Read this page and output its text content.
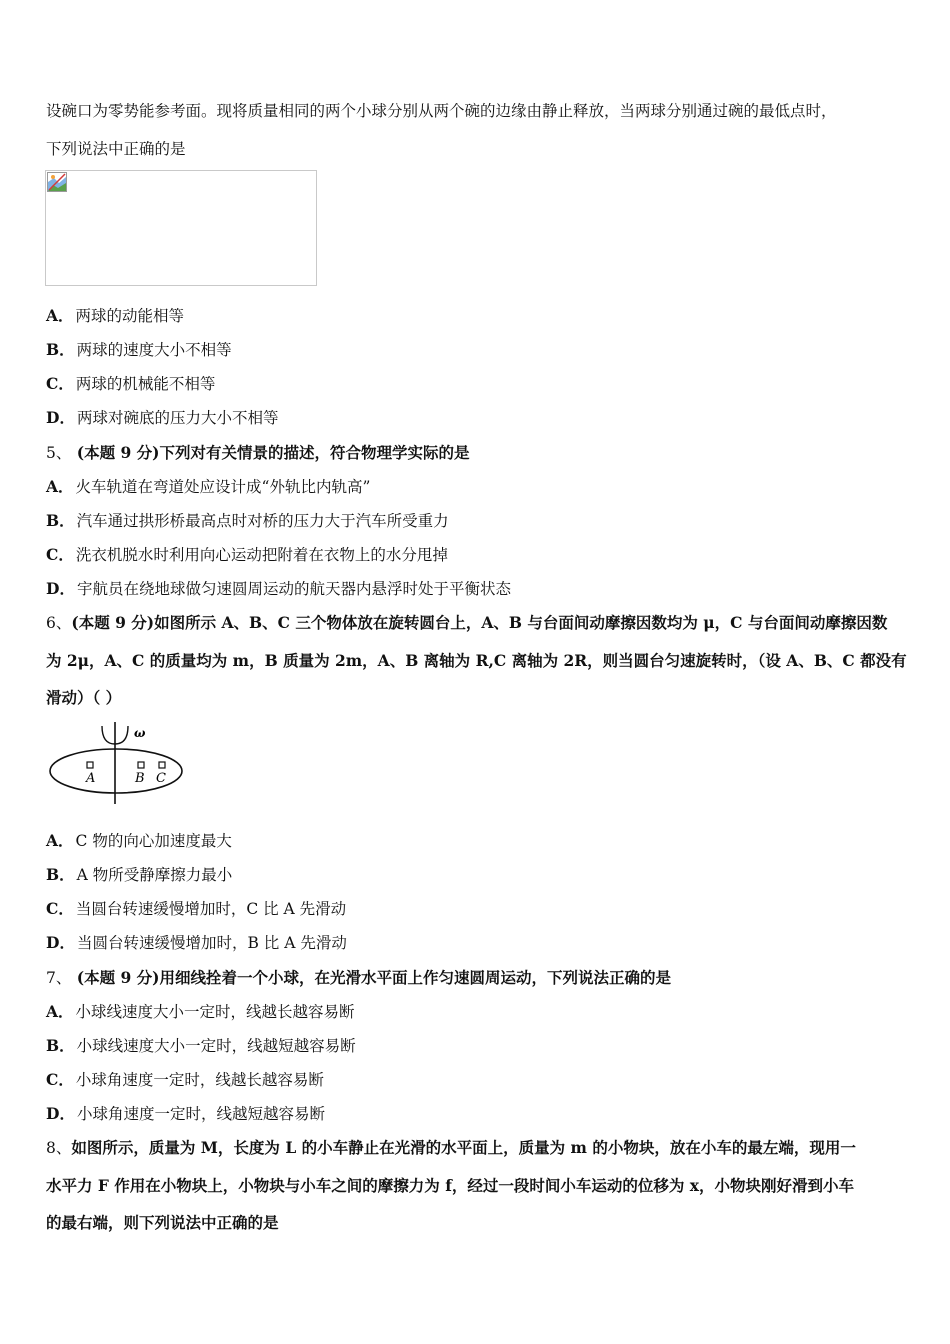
设碗口为零势能参考面。现将质量相同的两个小球分别从两个碗的边缘由静止释放，当两球分别通过碗的最低点时，
下列说法中正确的是
A． 两球的动能相等
B． 两球的速度大小不相等
C． 两球的机械能不相等
D． 两球对碗底的压力大小不相等
5、 (本题 9 分)下列对有关情景的描述，符合物理学实际的是
A． 火车轨道在弯道处应设计成“外轨比内轨高”
B． 汽车通过拱形桥最高点时对桥的压力大于汽车所受重力
C． 洗衣机脱水时利用向心运动把附着在衣物上的水分甩掉
D． 宇航员在绕地球做匀速圆周运动的航天器内悬浮时处于平衡状态
6、(本题 9 分)如图所示 A、B、C 三个物体放在旋转圆台上，A、B 与台面间动摩擦因数均为 μ，C 与台面间动摩擦因数
为 2μ，A、C 的质量均为 m，B 质量为 2m，A、B 离轴为 R,C 离轴为 2R，则当圆台匀速旋转时，（设 A、B、C 都没有
滑动）（ ）
ω
A	B C
A． C 物的向心加速度最大
B． A 物所受静摩擦力最小
C． 当圆台转速缓慢增加时，C 比 A 先滑动
D． 当圆台转速缓慢增加时，B 比 A 先滑动
7、 (本题 9 分)用细线拴着一个小球，在光滑水平面上作匀速圆周运动，下列说法正确的是
A． 小球线速度大小一定时，线越长越容易断
B． 小球线速度大小一定时，线越短越容易断
C． 小球角速度一定时，线越长越容易断
D． 小球角速度一定时，线越短越容易断
8、如图所示，质量为 M，长度为 L 的小车静止在光滑的水平面上，质量为 m 的小物块，放在小车的最左端，现用一
水平力 F 作用在小物块上，小物块与小车之间的摩擦力为 f，经过一段时间小车运动的位移为 x，小物块刚好滑到小车
的最右端，则下列说法中正确的是
